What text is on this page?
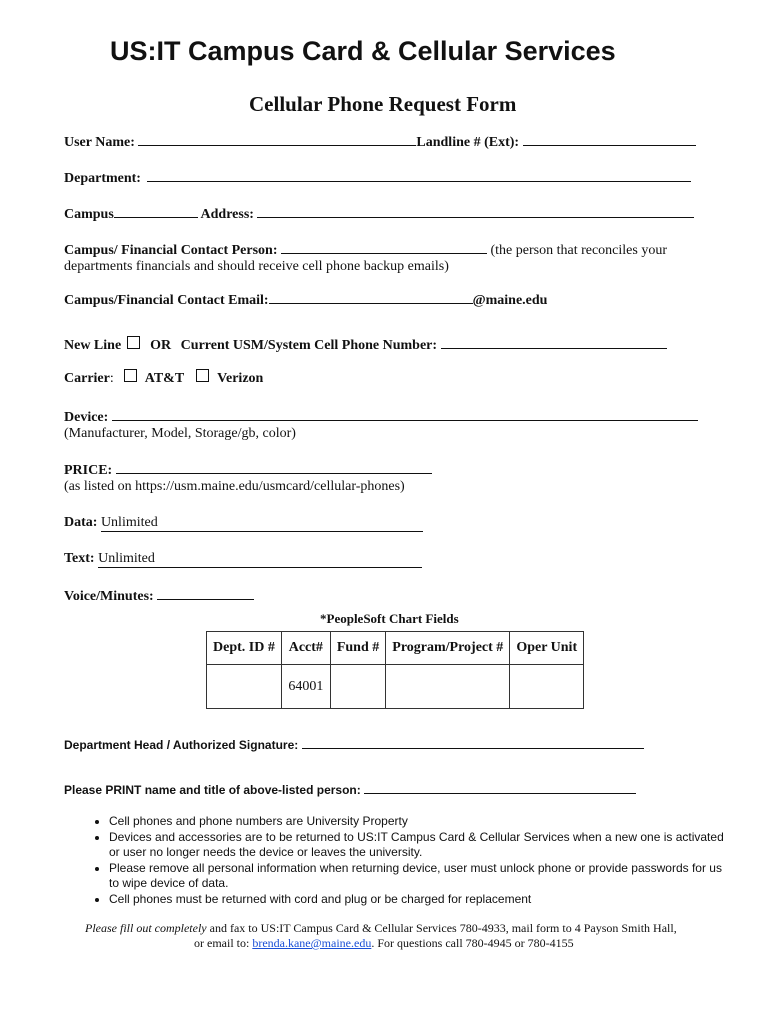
US:IT Campus Card & Cellular Services
Cellular Phone Request Form
User Name:	Landline # (Ext):
Department:
Campus	Address:
Campus/ Financial Contact Person:	(the person that reconciles your
departments financials and should receive cell phone backup emails)
Campus/Financial Contact Email:	@maine.edu
New Line OR Current USM/System Cell Phone Number:
Carrier: AT&T Verizon
Device:
(Manufacturer, Model, Storage/gb, color)
PRICE:
(as listed on https://usm.maine.edu/usmcard/cellular-phones)
Data: Unlimited
Text: Unlimited
Voice/Minutes:
*PeopleSoft Chart Fields
Dept. ID #	Acct#	Fund #	Program/Project #	Oper Unit
	64001			
Department Head / Authorized Signature:
Please PRINT name and title of above-listed person:
• Cell phones and phone numbers are University Property
• Devices and accessories are to be returned to US:IT Campus Card & Cellular Services when a new one is activated or user no longer needs the device or leaves the university.
• Please remove all personal information when returning device, user must unlock phone or provide passwords for us to wipe device of data.
• Cell phones must be returned with cord and plug or be charged for replacement
Please fill out completely and fax to US:IT Campus Card & Cellular Services 780-4933, mail form to 4 Payson Smith Hall,
or email to: brenda.kane@maine.edu. For questions call 780-4945 or 780-4155
